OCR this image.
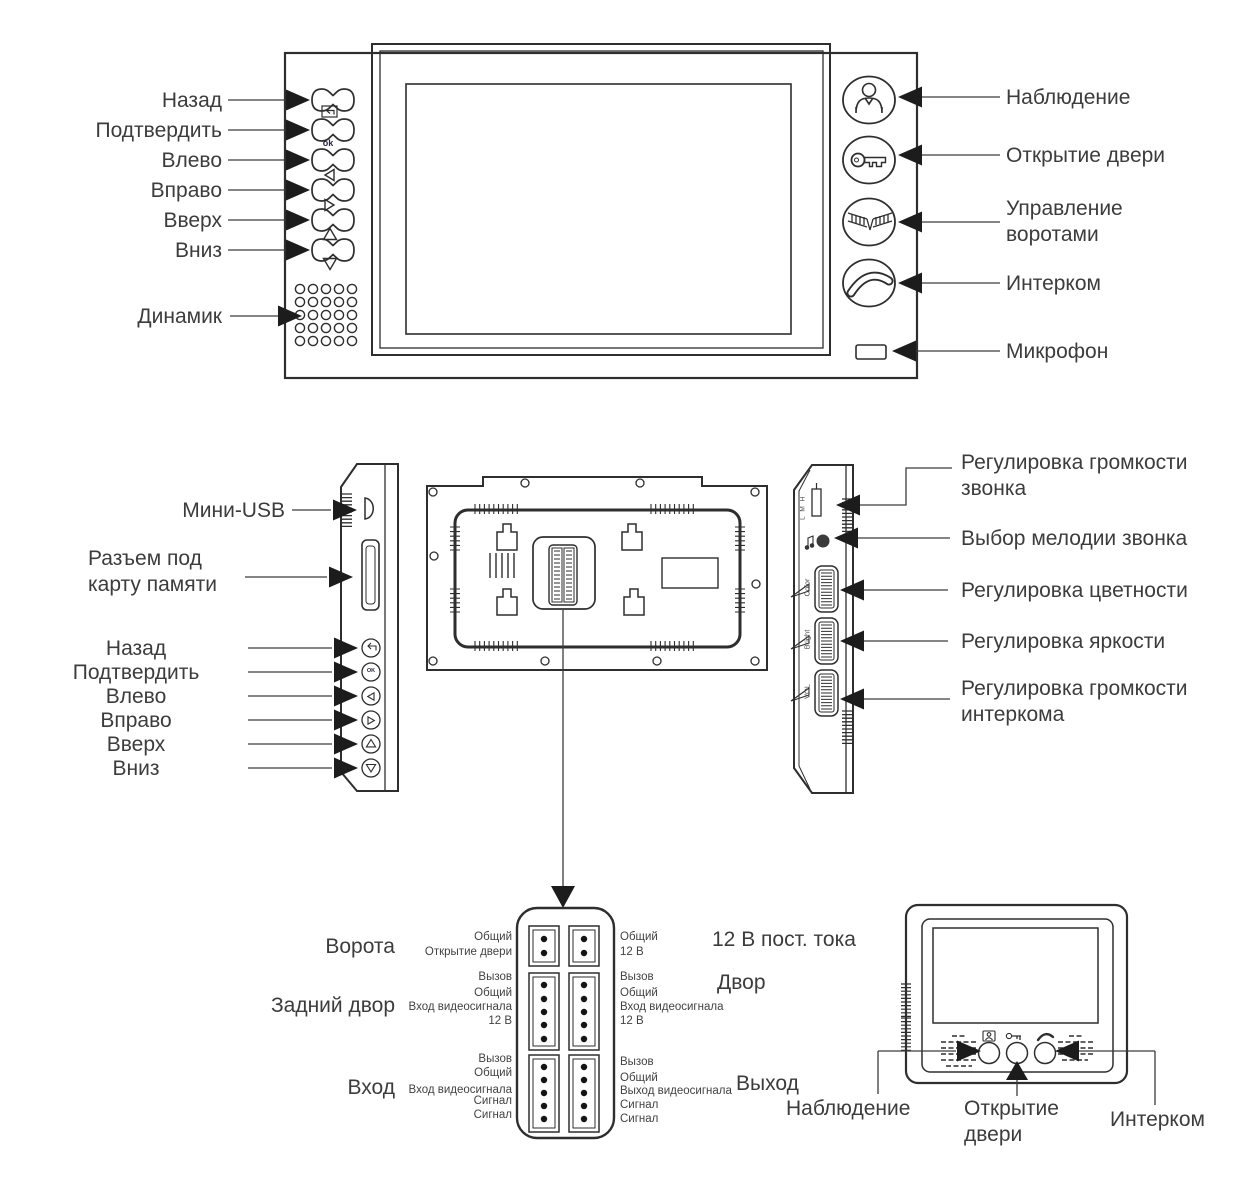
Назад
Подтвердить
Влево
Вправо
Вверх
Вниз
Динамик
ok
Наблюдение
Открытие двери
Управление воротами
Интерком
Микрофон
Мини-USB
Разъем под карту памяти
Назад
Подтвердить
Влево
Вправо
Вверх
Вниз
OK
Регулировка громкости звонка
Выбор мелодии звонка
Регулировка цветности
Регулировка яркости
Регулировка громкости интеркома
L M H
Color
Bright
VOL
Ворота
Задний двор
Вход
12 В пост. тока
Двор
Выход
Общий
Открытие двери
Вызов
Общий
Вход видеосигнала
12 В
Вызов
Общий
Вход видеосигнала
Сигнал
Сигнал
Общий
12 В
Вызов
Общий
Вход видеосигнала
12 В
Вызов
Общий
Выход видеосигнала
Сигнал
Сигнал	Наблюдение	Открытие двери
Интерком
